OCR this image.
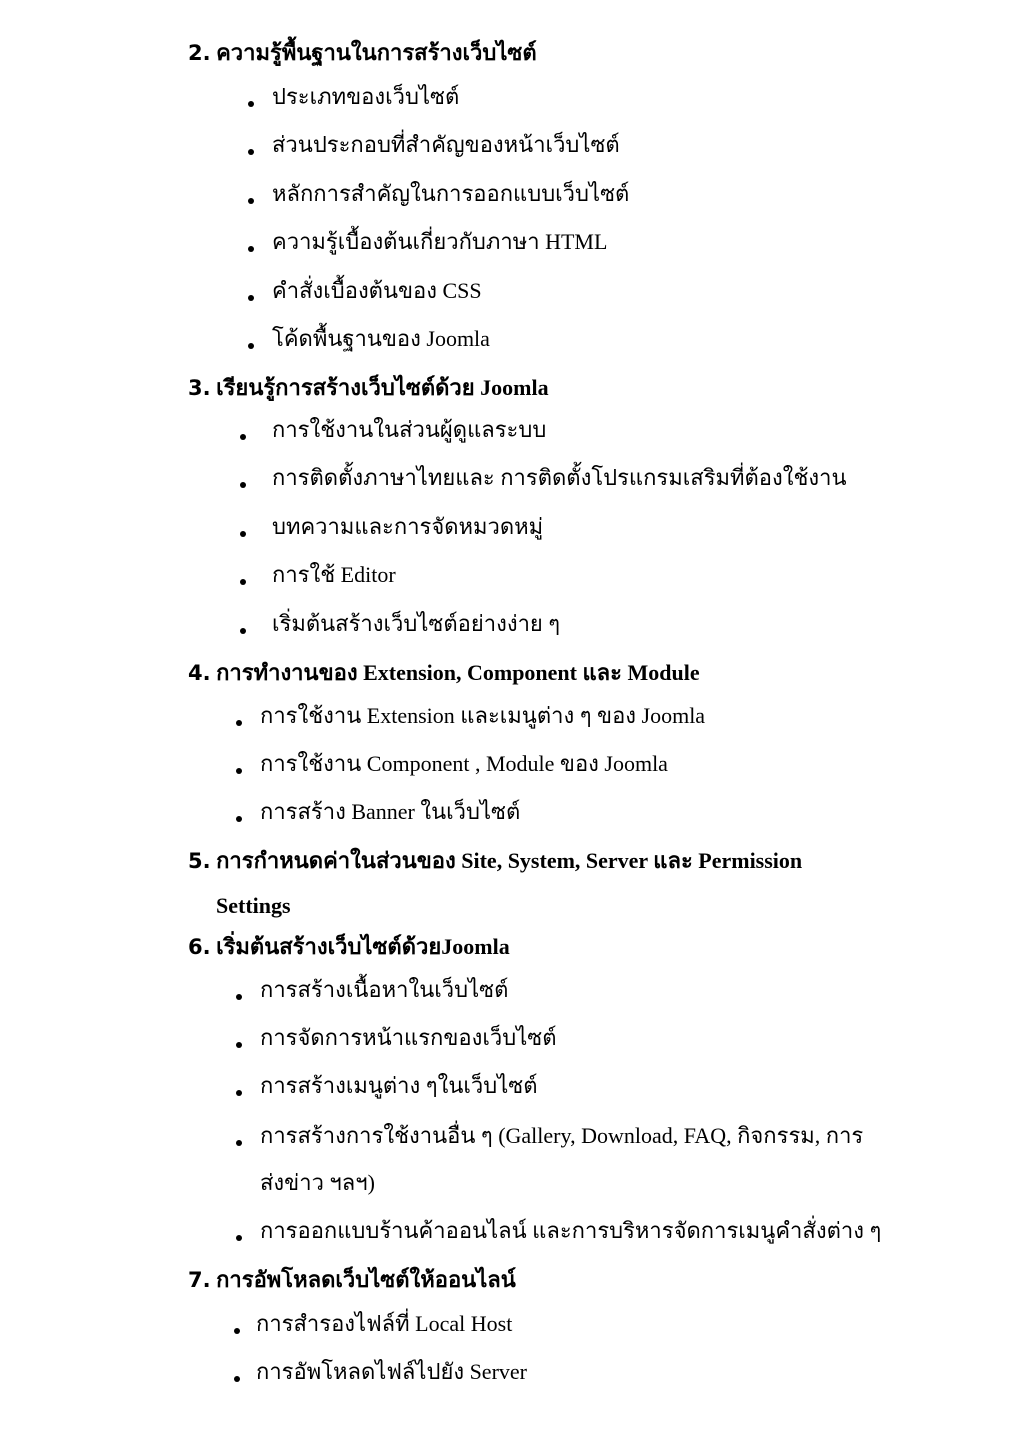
2. ความรู้พื้นฐานในการสร้างเว็บไซต์
ประเภทของเว็บไซต์
ส่วนประกอบที่สำคัญของหน้าเว็บไซต์
หลักการสำคัญในการออกแบบเว็บไซต์
ความรู้เบื้องต้นเกี่ยวกับภาษา HTML
คำสั่งเบื้องต้นของ CSS
โค้ดพื้นฐานของ Joomla
3. เรียนรู้การสร้างเว็บไซต์ด้วย Joomla
การใช้งานในส่วนผู้ดูแลระบบ
การติดตั้งภาษาไทยและ การติดตั้งโปรแกรมเสริมที่ต้องใช้งาน
บทความและการจัดหมวดหมู่
การใช้ Editor
เริ่มต้นสร้างเว็บไซต์อย่างง่าย ๆ
4. การทำงานของ Extension, Component และ Module
การใช้งาน Extension และเมนูต่าง ๆ ของ Joomla
การใช้งาน Component , Module ของ Joomla
การสร้าง Banner ในเว็บไซต์
5. การกำหนดค่าในส่วนของ Site, System, Server และ Permission
Settings
6. เริ่มต้นสร้างเว็บไซต์ด้วยJoomla
การสร้างเนื้อหาในเว็บไซต์
การจัดการหน้าแรกของเว็บไซต์
การสร้างเมนูต่าง ๆในเว็บไซต์
การสร้างการใช้งานอื่น ๆ (Gallery, Download, FAQ, กิจกรรม, การ
ส่งข่าว ฯลฯ)
การออกแบบร้านค้าออนไลน์ และการบริหารจัดการเมนูคำสั่งต่าง ๆ
7. การอัพโหลดเว็บไซต์ให้ออนไลน์
การสำรองไฟล์ที่ Local Host
การอัพโหลดไฟล์ไปยัง Server
